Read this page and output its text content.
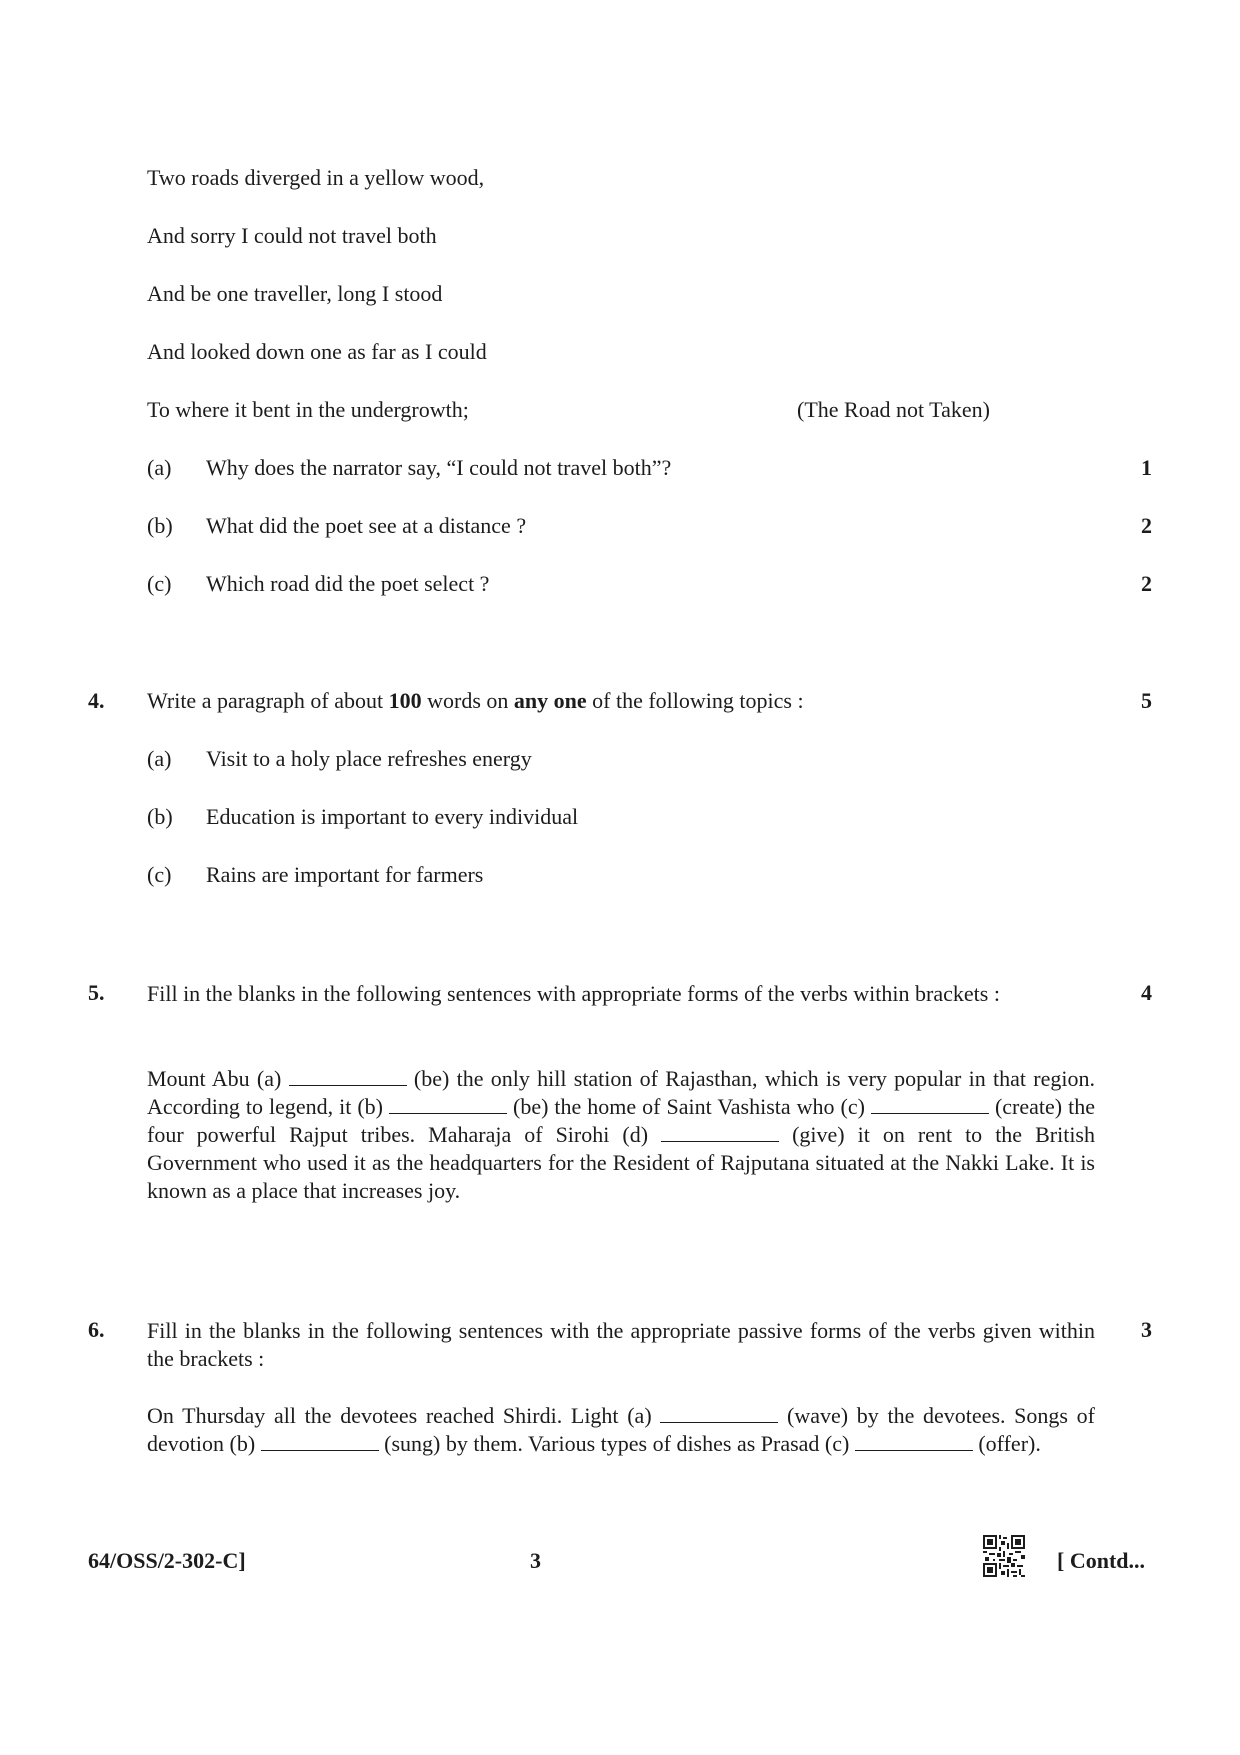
Two roads diverged in a yellow wood,
And sorry I could not travel both
And be one traveller, long I stood
And looked down one as far as I could
To where it bent in the undergrowth;	(The Road not Taken)
(a) Why does the narrator say, “I could not travel both”?	1
(b) What did the poet see at a distance ?	2
(c) Which road did the poet select ?	2
4. Write a paragraph of about 100 words on any one of the following topics :	5
(a) Visit to a holy place refreshes energy
(b) Education is important to every individual
(c) Rains are important for farmers
5. Fill in the blanks in the following sentences with appropriate forms of the verbs within brackets :	4
Mount Abu (a)	(be) the only hill station of Rajasthan, which is very popular in that region. According to legend, it (b)	(be) the home of Saint Vashista who (c)	(create) the four powerful Rajput tribes. Maharaja of Sirohi (d)	(give) it on rent to the British Government who used it as the headquarters for the Resident of Rajputana situated at the Nakki Lake. It is known as a place that increases joy.
6. Fill in the blanks in the following sentences with the appropriate passive forms of the verbs given within the brackets :
3
On Thursday all the devotees reached Shirdi. Light (a)	(wave) by the devotees. Songs of devotion (b)	(sung) by them. Various types of dishes as Prasad (c)	(offer).
64/OSS/2-302-C]	3	[ Contd...
